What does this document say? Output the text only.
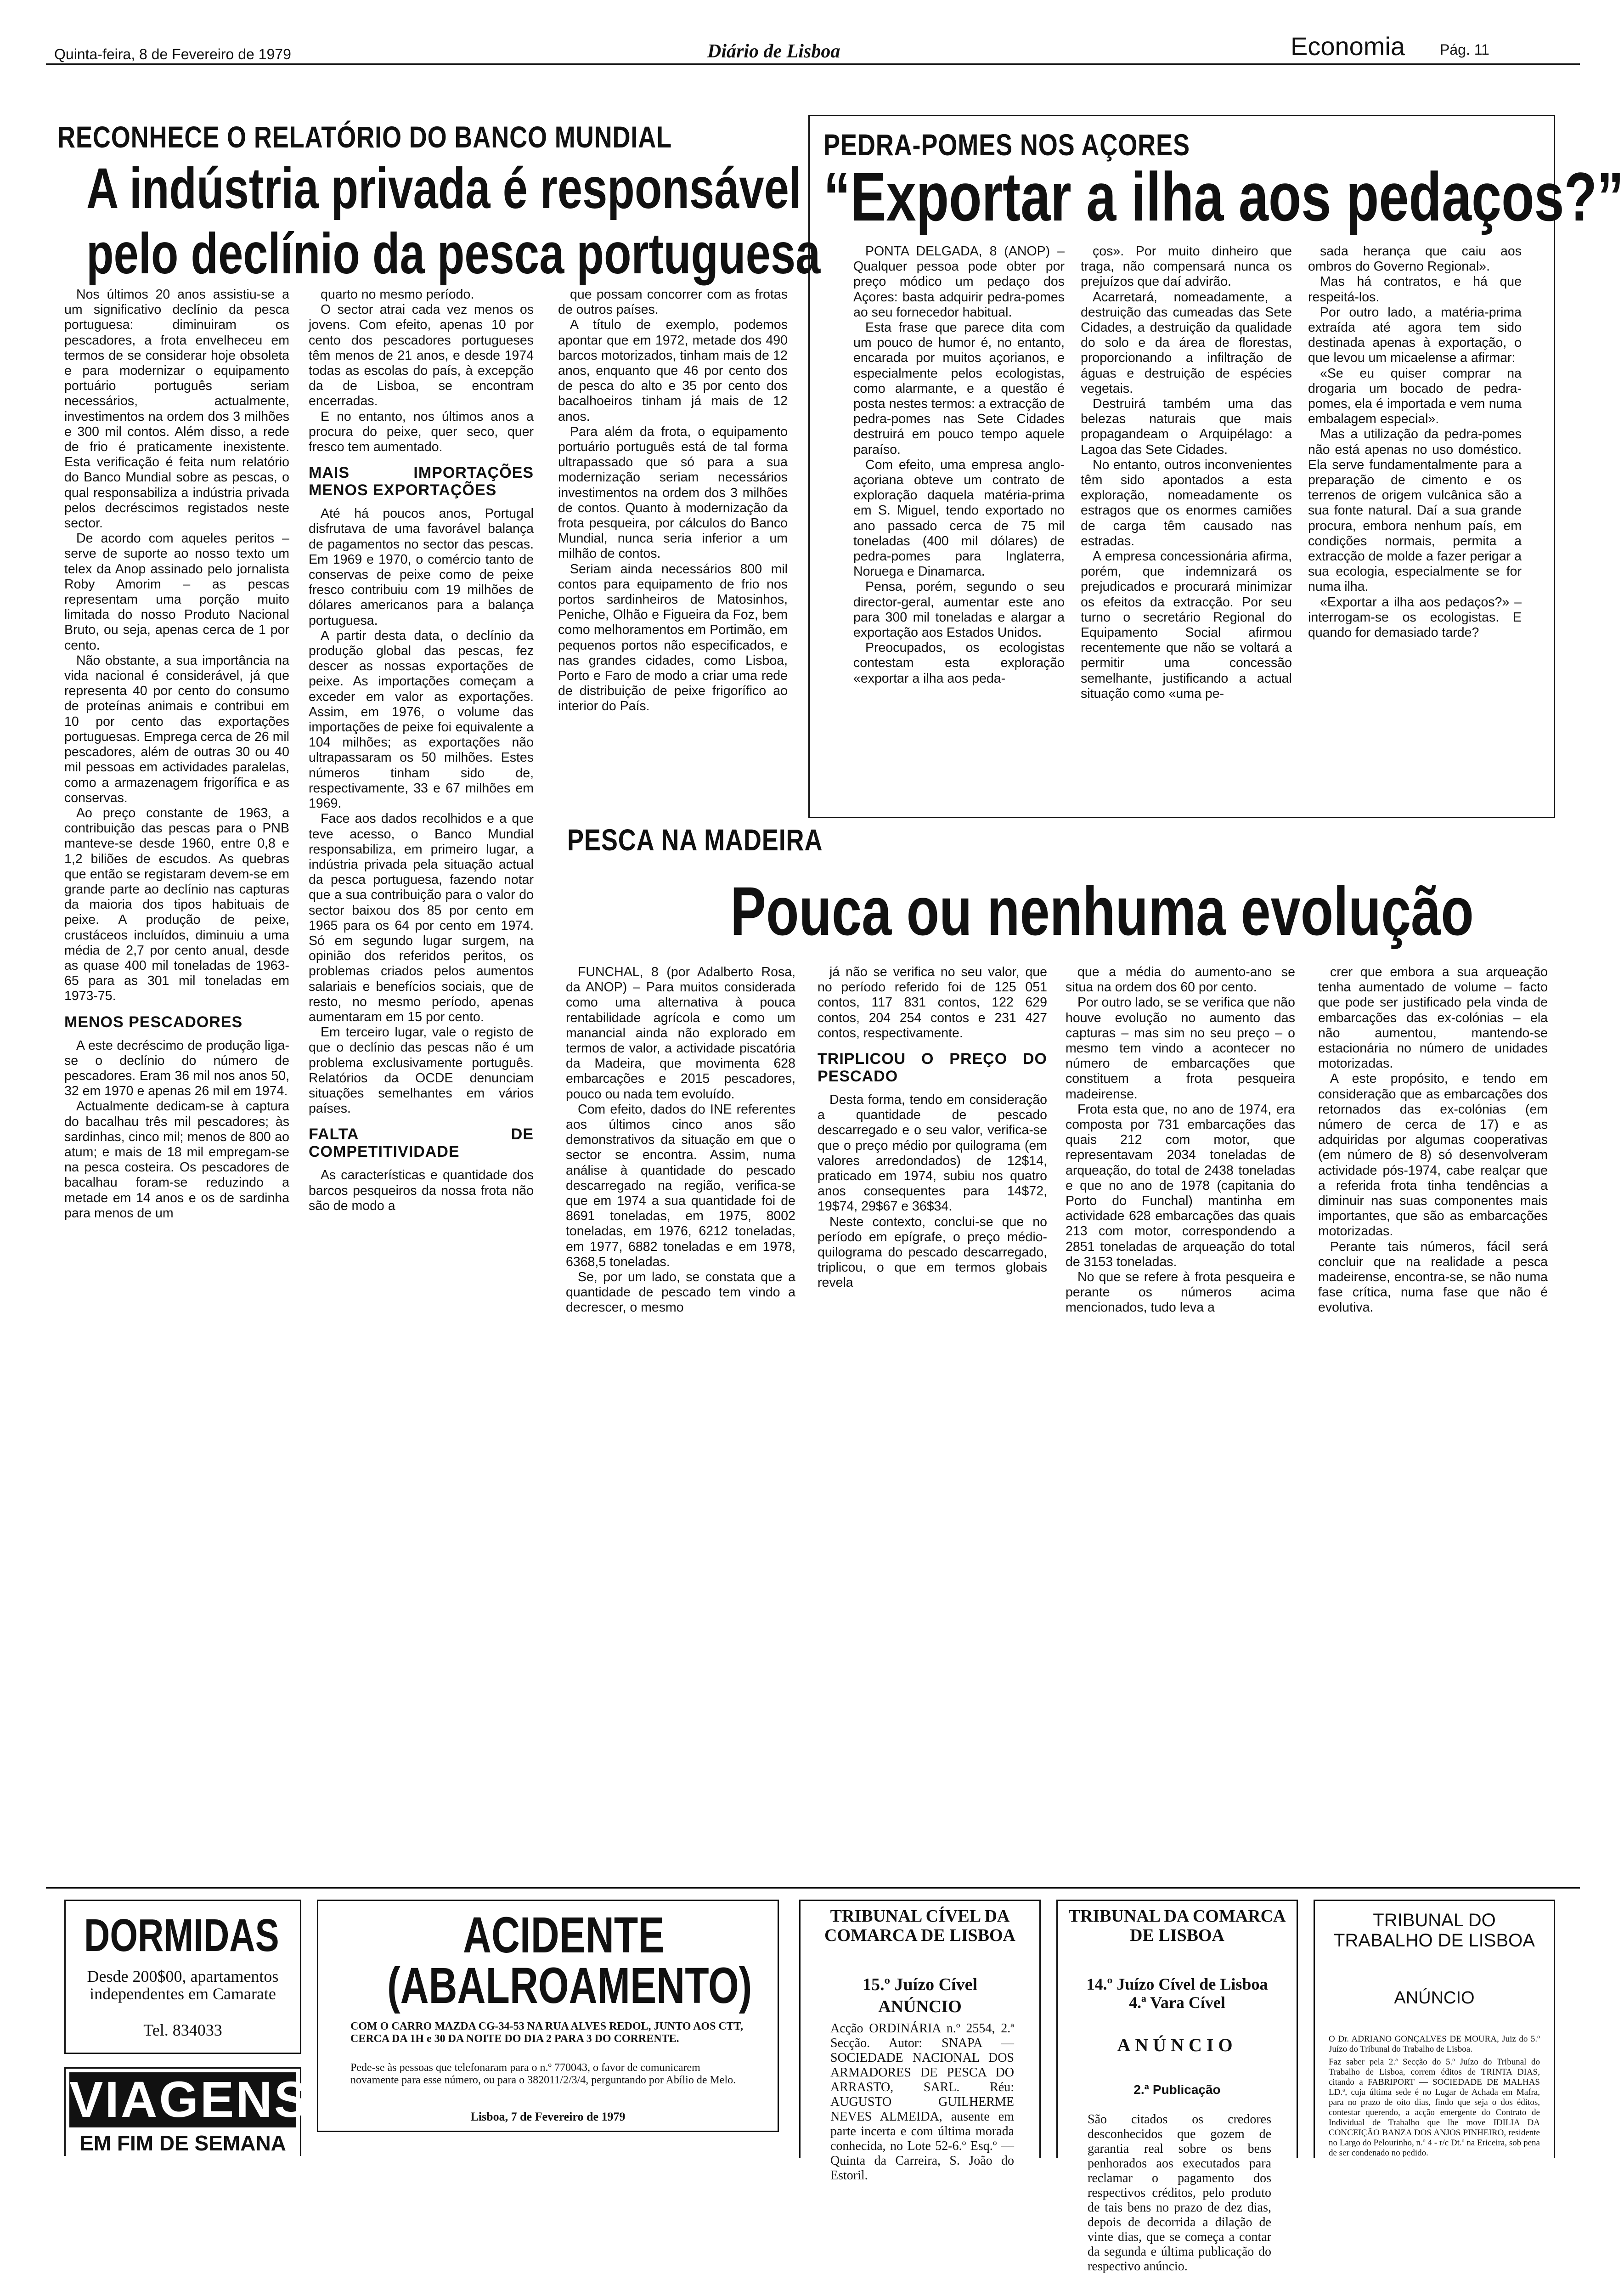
Quinta-feira, 8 de Fevereiro de 1979	Diário de Lisboa	Economia Pág. 11
RECONHECE O RELATÓRIO DO BANCO MUNDIAL
A indústria privada é responsável
pelo declínio da pesca portuguesa

Nos últimos 20 anos assistiu-se a um significativo declínio da pesca portuguesa: diminuiram os pescadores, a frota envelheceu em termos de se considerar hoje obsoleta e para modernizar o equipamento portuário português seriam necessários, actualmente, investimentos na ordem dos 3 milhões e 300 mil contos. Além disso, a rede de frio é praticamente inexistente. Esta verificação é feita num relatório do Banco Mundial sobre as pescas, o qual responsabiliza a indústria privada pelos decréscimos registados neste sector.

De acordo com aqueles peritos – serve de suporte ao nosso texto um telex da Anop assinado pelo jornalista Roby Amorim – as pescas representam uma porção muito limitada do nosso Produto Nacional Bruto, ou seja, apenas cerca de 1 por cento.

Não obstante, a sua importância na vida nacional é considerável, já que representa 40 por cento do consumo de proteínas animais e contribui em 10 por cento das exportações portuguesas. Emprega cerca de 26 mil pescadores, além de outras 30 ou 40 mil pessoas em actividades paralelas, como a armazenagem frigorífica e as conservas.

Ao preço constante de 1963, a contribuição das pescas para o PNB manteve-se desde 1960, entre 0,8 e 1,2 biliões de escudos. As quebras que então se registaram devem-se em grande parte ao declínio nas capturas da maioria dos tipos habituais de peixe. A produção de peixe, crustáceos incluídos, diminuiu a uma média de 2,7 por cento anual, desde as quase 400 mil toneladas de 1963-65 para as 301 mil toneladas em 1973-75.

MENOS PESCADORES

A este decréscimo de produção liga-se o declínio do número de pescadores. Eram 36 mil nos anos 50, 32 em 1970 e apenas 26 mil em 1974.

Actualmente dedicam-se à captura do bacalhau três mil pescadores; às sardinhas, cinco mil; menos de 800 ao atum; e mais de 18 mil empregam-se na pesca costeira. Os pescadores de bacalhau foram-se reduzindo a metade em 14 anos e os de sardinha para menos de um

quarto no mesmo período.

O sector atrai cada vez menos os jovens. Com efeito, apenas 10 por cento dos pescadores portugueses têm menos de 21 anos, e desde 1974 todas as escolas do país, à excepção da de Lisboa, se encontram encerradas.

E no entanto, nos últimos anos a procura do peixe, quer seco, quer fresco tem aumentado.

MAIS IMPORTAÇÕES MENOS EXPORTAÇÕES

Até há poucos anos, Portugal disfrutava de uma favorável balança de pagamentos no sector das pescas. Em 1969 e 1970, o comércio tanto de conservas de peixe como de peixe fresco contribuiu com 19 milhões de dólares americanos para a balança portuguesa.

A partir desta data, o declínio da produção global das pescas, fez descer as nossas exportações de peixe. As importações começam a exceder em valor as exportações. Assim, em 1976, o volume das importações de peixe foi equivalente a 104 milhões; as exportações não ultrapassaram os 50 milhões. Estes números tinham sido de, respectivamente, 33 e 67 milhões em 1969.

Face aos dados recolhidos e a que teve acesso, o Banco Mundial responsabiliza, em primeiro lugar, a indústria privada pela situação actual da pesca portuguesa, fazendo notar que a sua contribuição para o valor do sector baixou dos 85 por cento em 1965 para os 64 por cento em 1974. Só em segundo lugar surgem, na opinião dos referidos peritos, os problemas criados pelos aumentos salariais e benefícios sociais, que de resto, no mesmo período, apenas aumentaram em 15 por cento.

Em terceiro lugar, vale o registo de que o declínio das pescas não é um problema exclusivamente português. Relatórios da OCDE denunciam situações semelhantes em vários países.

FALTA DE COMPETITIVIDADE

As características e quantidade dos barcos pesqueiros da nossa frota não são de modo a

que possam concorrer com as frotas de outros países.

A título de exemplo, podemos apontar que em 1972, metade dos 490 barcos motorizados, tinham mais de 12 anos, enquanto que 46 por cento dos de pesca do alto e 35 por cento dos bacalhoeiros tinham já mais de 12 anos.

Para além da frota, o equipamento portuário português está de tal forma ultrapassado que só para a sua modernização seriam necessários investimentos na ordem dos 3 milhões de contos. Quanto à modernização da frota pesqueira, por cálculos do Banco Mundial, nunca seria inferior a um milhão de contos.

Seriam ainda necessários 800 mil contos para equipamento de frio nos portos sardinheiros de Matosinhos, Peniche, Olhão e Figueira da Foz, bem como melhoramentos em Portimão, em pequenos portos não especificados, e nas grandes cidades, como Lisboa, Porto e Faro de modo a criar uma rede de distribuição de peixe frigorífico ao interior do País.

PEDRA-POMES NOS AÇORES
“Exportar a ilha aos pedaços?”

PONTA DELGADA, 8 (ANOP) – Qualquer pessoa pode obter por preço módico um pedaço dos Açores: basta adquirir pedra-pomes ao seu fornecedor habitual.

Esta frase que parece dita com um pouco de humor é, no entanto, encarada por muitos açorianos, e especialmente pelos ecologistas, como alarmante, e a questão é posta nestes termos: a extracção de pedra-pomes nas Sete Cidades destruirá em pouco tempo aquele paraíso.

Com efeito, uma empresa anglo-açoriana obteve um contrato de exploração daquela matéria-prima em S. Miguel, tendo exportado no ano passado cerca de 75 mil toneladas (400 mil dólares) de pedra-pomes para Inglaterra, Noruega e Dinamarca.

Pensa, porém, segundo o seu director-geral, aumentar este ano para 300 mil toneladas e alargar a exportação aos Estados Unidos.

Preocupados, os ecologistas contestam esta exploração «exportar a ilha aos peda-

ços». Por muito dinheiro que traga, não compensará nunca os prejuízos que daí advirão.

Acarretará, nomeadamente, a destruição das cumeadas das Sete Cidades, a destruição da qualidade do solo e da área de florestas, proporcionando a infiltração de águas e destruição de espécies vegetais.

Destruirá também uma das belezas naturais que mais propagandeam o Arquipélago: a Lagoa das Sete Cidades.

No entanto, outros inconvenientes têm sido apontados a esta exploração, nomeadamente os estragos que os enormes camiões de carga têm causado nas estradas.

A empresa concessionária afirma, porém, que indemnizará os prejudicados e procurará minimizar os efeitos da extracção. Por seu turno o secretário Regional do Equipamento Social afirmou recentemente que não se voltará a permitir uma concessão semelhante, justificando a actual situação como «uma pe-

sada herança que caiu aos ombros do Governo Regional».

Mas há contratos, e há que respeitá-los.

Por outro lado, a matéria-prima extraída até agora tem sido destinada apenas à exportação, o que levou um micaelense a afirmar:

«Se eu quiser comprar na drogaria um bocado de pedra-pomes, ela é importada e vem numa embalagem especial».

Mas a utilização da pedra-pomes não está apenas no uso doméstico. Ela serve fundamentalmente para a preparação de cimento e os terrenos de origem vulcânica são a sua fonte natural. Daí a sua grande procura, embora nenhum país, em condições normais, permita a extracção de molde a fazer perigar a sua ecologia, especialmente se for numa ilha.

«Exportar a ilha aos pedaços?» – interrogam-se os ecologistas. E quando for demasiado tarde?

PESCA NA MADEIRA
Pouca ou nenhuma evolução

FUNCHAL, 8 (por Adalberto Rosa, da ANOP) – Para muitos considerada como uma alternativa à pouca rentabilidade agrícola e como um manancial ainda não explorado em termos de valor, a actividade piscatória da Madeira, que movimenta 628 embarcações e 2015 pescadores, pouco ou nada tem evoluído.

Com efeito, dados do INE referentes aos últimos cinco anos são demonstrativos da situação em que o sector se encontra. Assim, numa análise à quantidade do pescado descarregado na região, verifica-se que em 1974 a sua quantidade foi de 8691 toneladas, em 1975, 8002 toneladas, em 1976, 6212 toneladas, em 1977, 6882 toneladas e em 1978, 6368,5 toneladas.

Se, por um lado, se constata que a quantidade de pescado tem vindo a decrescer, o mesmo

já não se verifica no seu valor, que no período referido foi de 125 051 contos, 117 831 contos, 122 629 contos, 204 254 contos e 231 427 contos, respectivamente.

TRIPLICOU O PREÇO DO PESCADO

Desta forma, tendo em consideração a quantidade de pescado descarregado e o seu valor, verifica-se que o preço médio por quilograma (em valores arredondados) de 12$14, praticado em 1974, subiu nos quatro anos consequentes para 14$72, 19$74, 29$67 e 36$34.

Neste contexto, conclui-se que no período em epígrafe, o preço médio-quilograma do pescado descarregado, triplicou, o que em termos globais revela

que a média do aumento-ano se situa na ordem dos 60 por cento.

Por outro lado, se se verifica que não houve evolução no aumento das capturas – mas sim no seu preço – o mesmo tem vindo a acontecer no número de embarcações que constituem a frota pesqueira madeirense.

Frota esta que, no ano de 1974, era composta por 731 embarcações das quais 212 com motor, que representavam 2034 toneladas de arqueação, do total de 2438 toneladas e que no ano de 1978 (capitania do Porto do Funchal) mantinha em actividade 628 embarcações das quais 213 com motor, correspondendo a 2851 toneladas de arqueação do total de 3153 toneladas.

No que se refere à frota pesqueira e perante os números acima mencionados, tudo leva a

crer que embora a sua arqueação tenha aumentado de volume – facto que pode ser justificado pela vinda de embarcações das ex-colónias – ela não aumentou, mantendo-se estacionária no número de unidades motorizadas.

A este propósito, e tendo em consideração que as embarcações dos retornados das ex-colónias (em número de cerca de 17) e as adquiridas por algumas cooperativas (em número de 8) só desenvolveram actividade pós-1974, cabe realçar que a referida frota tinha tendências a diminuir nas suas componentes mais importantes, que são as embarcações motorizadas.

Perante tais números, fácil será concluir que na realidade a pesca madeirense, encontra-se, se não numa fase crítica, numa fase que não é evolutiva.

DORMIDAS
Desde 200$00, apartamentos independentes em Camarate
Tel. 834033
VIAGENS
EM FIM DE SEMANA
ACIDENTE
(ABALROAMENTO)
COM O CARRO MAZDA CG-34-53 NA RUA ALVES REDOL, JUNTO AOS CTT, CERCA DA 1H e 30 DA NOITE DO DIA 2 PARA 3 DO CORRENTE.
Pede-se às pessoas que telefonaram para o n.º 770043, o favor de comunicarem novamente para esse número, ou para o 382011/2/3/4, perguntando por Abílio de Melo.
Lisboa, 7 de Fevereiro de 1979
TRIBUNAL CÍVEL DA COMARCA DE LISBOA
15.º Juízo Cível
ANÚNCIO
Acção ORDINÁRIA n.º 2554, 2.ª Secção. Autor: SNAPA — SOCIEDADE NACIONAL DOS ARMADORES DE PESCA DO ARRASTO, SARL. Réu: AUGUSTO GUILHERME NEVES ALMEIDA, ausente em parte incerta e com última morada conhecida, no Lote 52-6.º Esq.º — Quinta da Carreira, S. João do Estoril.
TRIBUNAL DA COMARCA DE LISBOA
14.º Juízo Cível de Lisboa
4.ª Vara Cível
ANÚNCIO
2.ª Publicação
São citados os credores desconhecidos que gozem de garantia real sobre os bens penhorados aos executados para reclamar o pagamento dos respectivos créditos, pelo produto de tais bens no prazo de dez dias, depois de decorrida a dilação de vinte dias, que se começa a contar da segunda e última publicação do respectivo anúncio.
TRIBUNAL DO TRABALHO DE LISBOA
ANÚNCIO
O Dr. ADRIANO GONÇALVES DE MOURA, Juiz do 5.º Juízo do Tribunal do Trabalho de Lisboa.
Faz saber pela 2.ª Secção do 5.º Juízo do Tribunal do Trabalho de Lisboa, correm éditos de TRINTA DIAS, citando a FABRIPORT — SOCIEDADE DE MALHAS LD.ª, cuja última sede é no Lugar de Achada em Mafra, para no prazo de oito dias, findo que seja o dos éditos, contestar querendo, a acção emergente do Contrato de Individual de Trabalho que lhe move IDILIA DA CONCEIÇÃO BANZA DOS ANJOS PINHEIRO, residente no Largo do Pelourinho, n.º 4 - r/c Dt.º na Ericeira, sob pena de ser condenado no pedido.
